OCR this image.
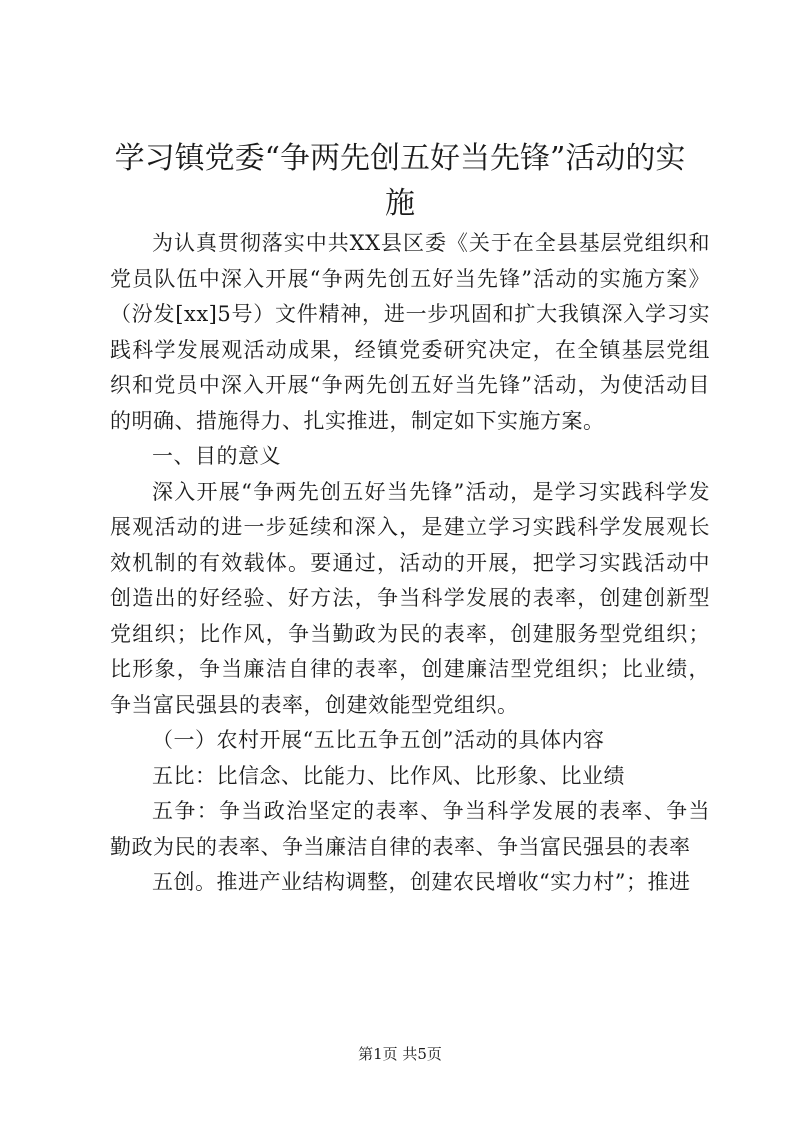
学习镇党委“争两先创五好当先锋”活动的实施

为认真贯彻落实中共XX县区委《关于在全县基层党组织和党员队伍中深入开展“争两先创五好当先锋”活动的实施方案》（汾发[xx]5号）文件精神，进一步巩固和扩大我镇深入学习实践科学发展观活动成果，经镇党委研究决定，在全镇基层党组织和党员中深入开展“争两先创五好当先锋”活动，为使活动目的明确、措施得力、扎实推进，制定如下实施方案。

一、目的意义

深入开展“争两先创五好当先锋”活动，是学习实践科学发展观活动的进一步延续和深入，是建立学习实践科学发展观长效机制的有效载体。要通过，活动的开展，把学习实践活动中创造出的好经验、好方法，争当科学发展的表率，创建创新型党组织；比作风，争当勤政为民的表率，创建服务型党组织；比形象，争当廉洁自律的表率，创建廉洁型党组织；比业绩，争当富民强县的表率，创建效能型党组织。

（一）农村开展“五比五争五创”活动的具体内容

五比：比信念、比能力、比作风、比形象、比业绩

五争：争当政治坚定的表率、争当科学发展的表率、争当勤政为民的表率、争当廉洁自律的表率、争当富民强县的表率

五创。推进产业结构调整，创建农民增收“实力村”；推进

第1页 共5页
